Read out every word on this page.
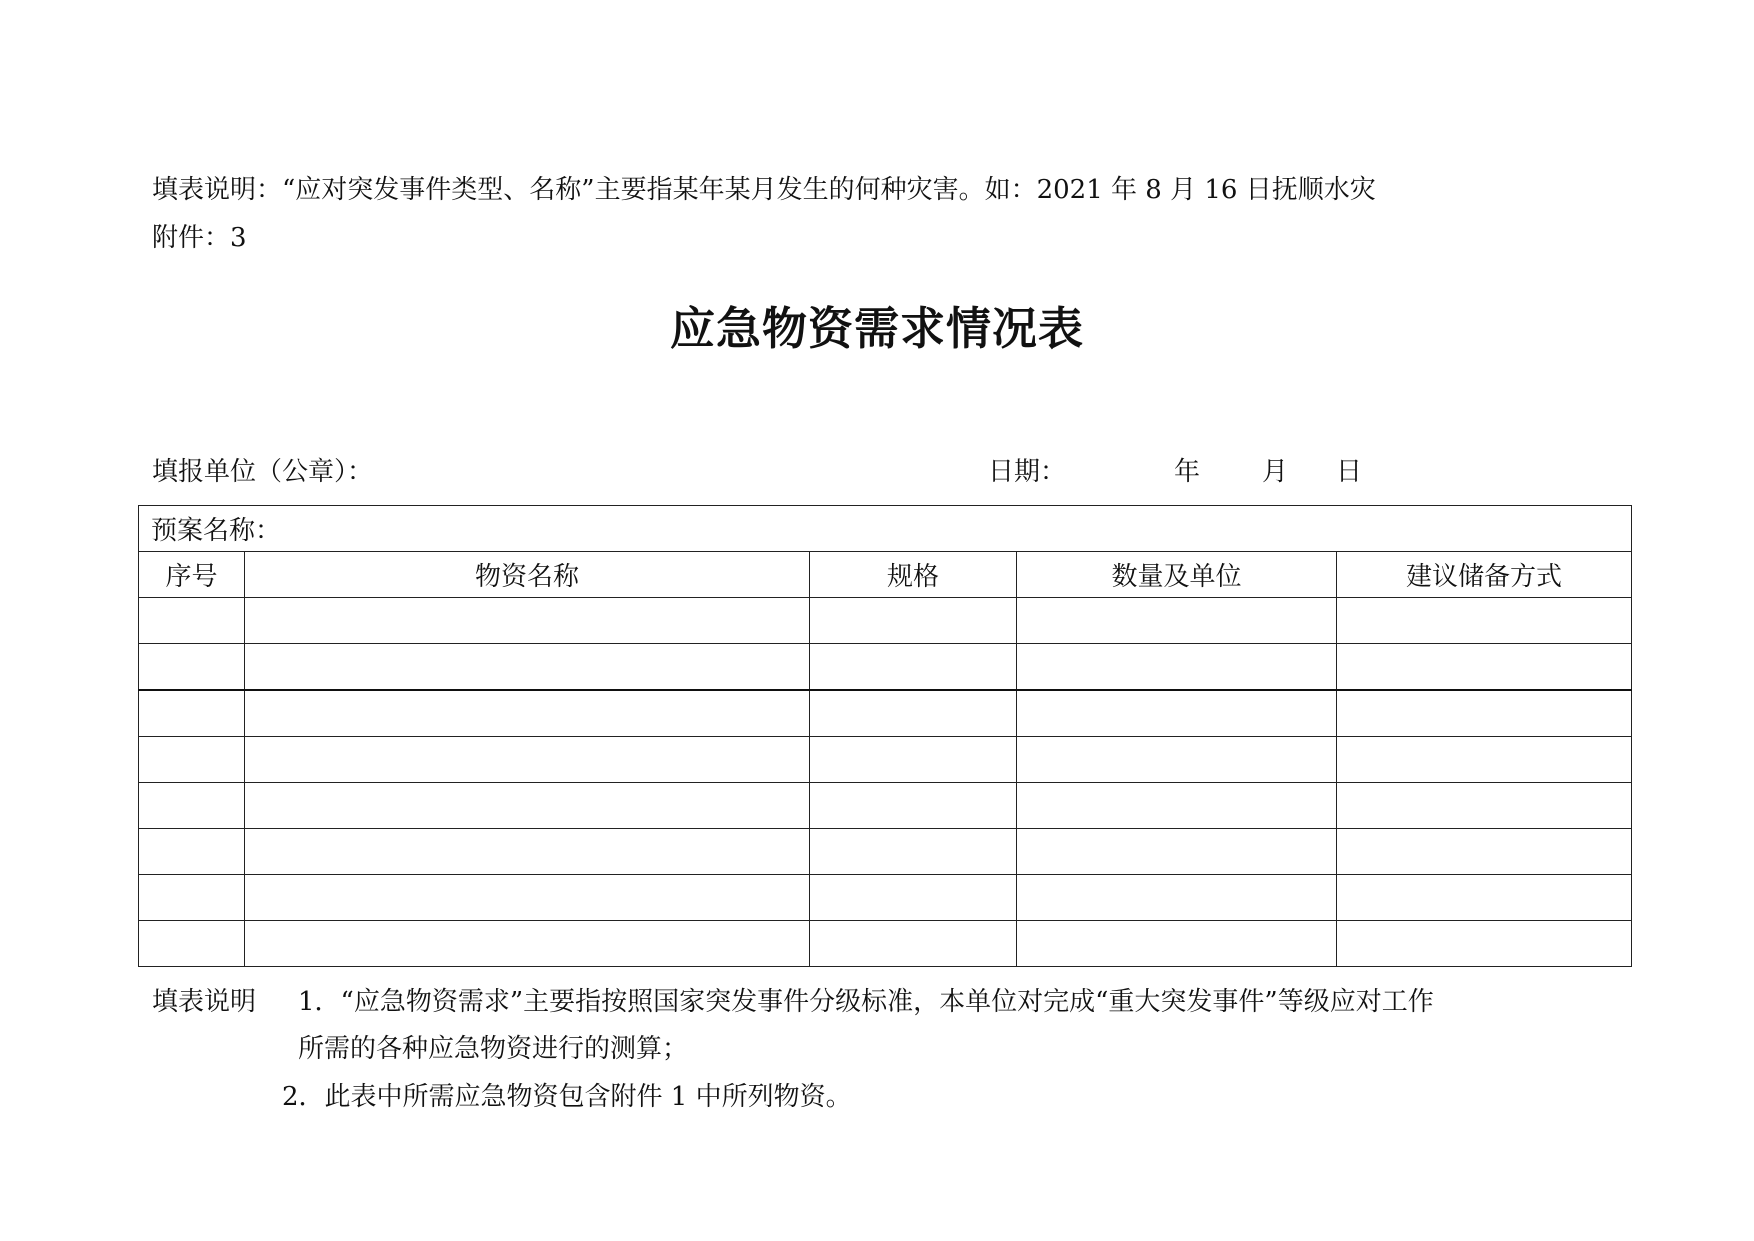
填表说明：“应对突发事件类型、名称”主要指某年某月发生的何种灾害。如：2021 年 8 月 16 日抚顺水灾
附件：3
应急物资需求情况表
填报单位（公章）：	日期：	年 月 日
预案名称：				
序号	物资名称	规格	数量及单位	建议储备方式

填表说明 1．“应急物资需求”主要指按照国家突发事件分级标准，本单位对完成“重大突发事件”等级应对工作
所需的各种应急物资进行的测算；
2．此表中所需应急物资包含附件 1 中所列物资。
